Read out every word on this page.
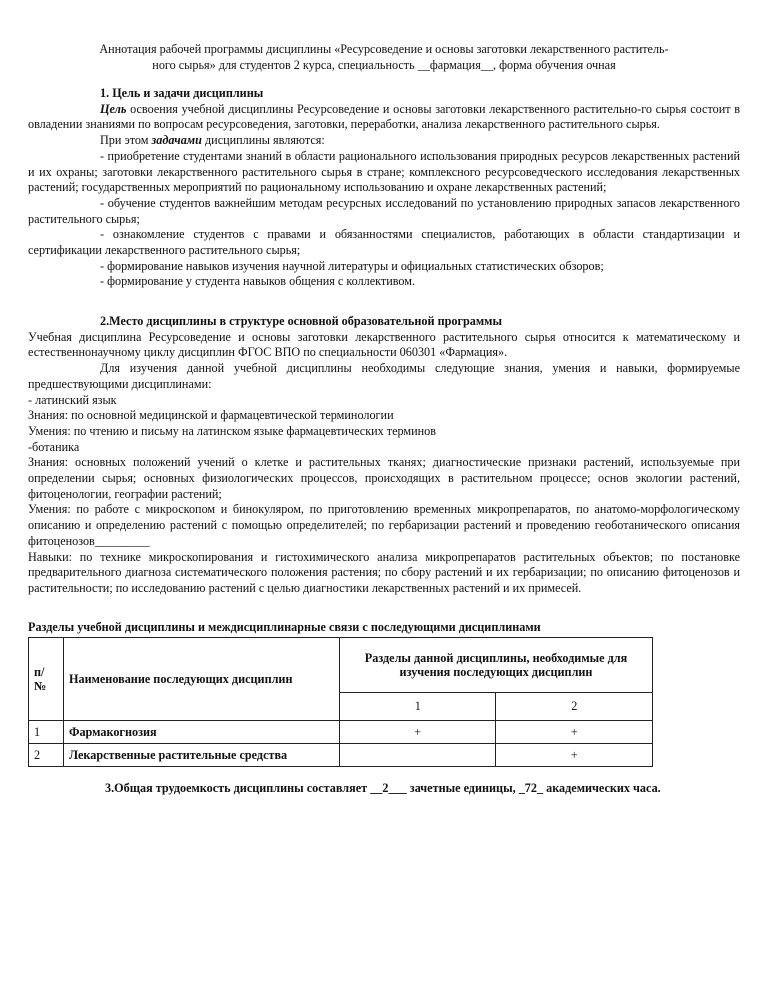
Аннотация рабочей программы дисциплины «Ресурсоведение и основы заготовки лекарственного раститель-

ного сырья» для студентов 2 курса, специальность __фармация__, форма обучения очная

1. Цель и задачи дисциплины

Цель освоения учебной дисциплины Ресурсоведение и основы заготовки лекарственного растительно-го сырья состоит в овладении знаниями по вопросам ресурсоведения, заготовки, переработки, анализа лекарственного растительного сырья.

При этом задачами дисциплины являются:

- приобретение студентами знаний в области рационального использования природных ресурсов лекарственных растений и их охраны; заготовки лекарственного растительного сырья в стране; комплексного ресурсоведческого исследования лекарственных растений; государственных мероприятий по рациональному использованию и охране лекарственных растений;

- обучение студентов важнейшим методам ресурсных исследований по установлению природных запасов лекарственного растительного сырья;

- ознакомление студентов с правами и обязанностями специалистов, работающих в области стандартизации и сертификации лекарственного растительного сырья;

- формирование навыков изучения научной литературы и официальных статистических обзоров;

- формирование у студента навыков общения с коллективом.

2.Место дисциплины в структуре основной образовательной программы

Учебная дисциплина Ресурсоведение и основы заготовки лекарственного растительного сырья относится к математическому и естественнонаучному циклу дисциплин ФГОС ВПО по специальности 060301 «Фармация».

Для изучения данной учебной дисциплины необходимы следующие знания, умения и навыки, формируемые предшествующими дисциплинами:

- латинский язык

Знания: по основной медицинской и фармацевтической терминологии

Умения: по чтению и письму на латинском языке фармацевтических терминов

-ботаника

Знания: основных положений учений о клетке и растительных тканях; диагностические признаки растений, используемые при определении сырья; основных физиологических процессов, происходящих в растительном процессе; основ экологии растений, фитоценологии, географии растений;

Умения: по работе с микроскопом и бинокуляром, по приготовлению временных микропрепаратов, по анатомо-морфологическому описанию и определению растений с помощью определителей; по гербаризации растений и проведению геоботанического описания фитоценозов_________

Навыки: по технике микроскопирования и гистохимического анализа микропрепаратов растительных объектов; по постановке предварительного диагноза систематического положения растения; по сбору растений и их гербаризации; по описанию фитоценозов и растительности; по исследованию растений с целью диагностики лекарственных растений и их примесей.

Разделы учебной дисциплины и междисциплинарные связи с последующими дисциплинами
п/ №	Наименование последующих дисциплин	Разделы данной дисциплины, необходимые для изучения последующих дисциплин	
		1	2
1	Фармакогнозия	+	+
2	Лекарственные растительные средства		+
3.Общая трудоемкость дисциплины составляет __2___ зачетные единицы, _72_ академических часа.
